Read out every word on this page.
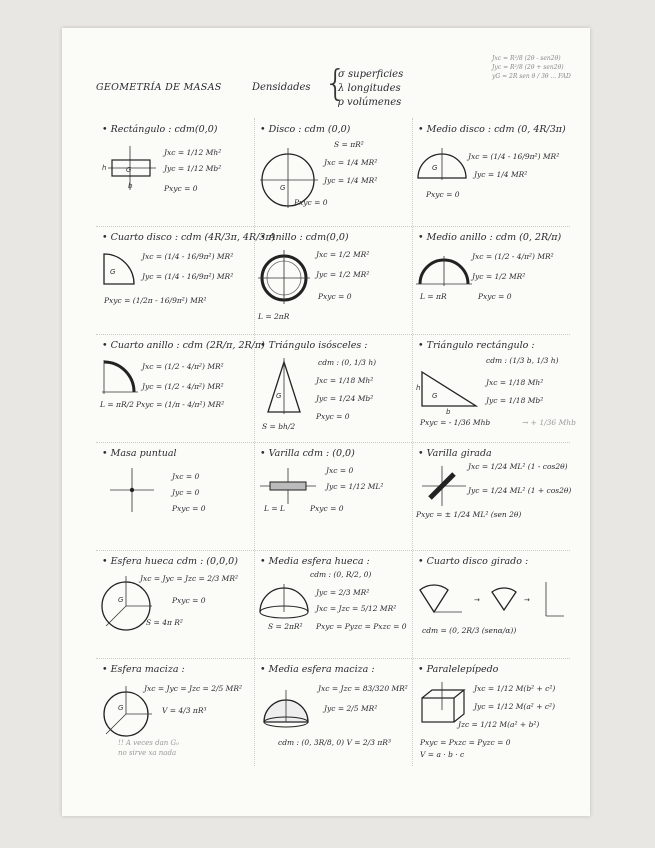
GEOMETRÍA DE MASAS	Densidades {
σ superficies
λ longitudes
ρ volúmenes
Jxc = R²/8 (2θ - sen2θ)
Jyc = R²/8 (2θ + sen2θ)
yG = 2R sen θ / 3θ ... FAD
• Rectángulo : cdm(0,0)
G
h
b
Jxc = 1/12 Mh²
Jyc = 1/12 Mb²
Pxyc = 0
• Disco : cdm (0,0)
G
S = πR²
Jxc = 1/4 MR²
Jyc = 1/4 MR²
Pxyc = 0
• Medio disco : cdm (0, 4R/3π)
G
Jxc = (1/4 - 16/9π²) MR²
Jyc = 1/4 MR²
Pxyc = 0
• Cuarto disco : cdm (4R/3π, 4R/3π)
G
Jxc = (1/4 - 16/9π²) MR²
Jyc = (1/4 - 16/9π²) MR²
Pxyc = (1/2π - 16/9π²) MR²
• Anillo : cdm(0,0)
Jxc = 1/2 MR²
Jyc = 1/2 MR²
Pxyc = 0
L = 2πR
• Medio anillo : cdm (0, 2R/π)
Jxc = (1/2 - 4/π²) MR²
Jyc = 1/2 MR²
Pxyc = 0
L = πR
• Cuarto anillo : cdm (2R/π, 2R/π)
Jxc = (1/2 - 4/π²) MR²
Jyc = (1/2 - 4/π²) MR²
Pxyc = (1/π - 4/π²) MR²
L = πR/2
• Triángulo isósceles :
G
cdm : (0, 1/3 h)
Jxc = 1/18 Mh²
Jyc = 1/24 Mb²
Pxyc = 0
S = bh/2
• Triángulo rectángulo :
h
b
G
cdm : (1/3 b, 1/3 h)
Jxc = 1/18 Mh²
Jyc = 1/18 Mb²
Pxyc = - 1/36 Mhb	→ + 1/36 Mhb
• Masa puntual
Jxc = 0
Jyc = 0
Pxyc = 0
• Varilla cdm : (0,0)
Jxc = 0
Jyc = 1/12 ML²
Pxyc = 0
L = L
• Varilla girada
Jxc = 1/24 ML² (1 - cos2θ)
Jyc = 1/24 ML² (1 + cos2θ)
Pxyc = ± 1/24 ML² (sen 2θ)
• Esfera hueca cdm : (0,0,0)
G
Jxc = Jyc = Jzc = 2/3 MR²
Pxyc = 0
S = 4π R²
• Media esfera hueca :
cdm : (0, R/2, 0)
Jyc = 2/3 MR²
Jxc = Jzc = 5/12 MR²
Pxyc = Pyzc = Pxzc = 0
S = 2πR²
• Cuarto disco girado :
→	→
cdm = (0, 2R/3 (senα/α))
• Esfera maciza :
G
Jxc = Jyc = Jzc = 2/5 MR²
V = 4/3 πR³
!! A veces dan G₀
no sirve xa nada
• Media esfera maciza :
Jxc = Jzc = 83/320 MR²
Jyc = 2/5 MR²
cdm : (0, 3R/8, 0) V = 2/3 πR³
• Paralelepípedo
Jxc = 1/12 M(b² + c²)
Jyc = 1/12 M(a² + c²)
Jzc = 1/12 M(a² + b²)
Pxyc = Pxzc = Pyzc = 0
V = a · b · c
